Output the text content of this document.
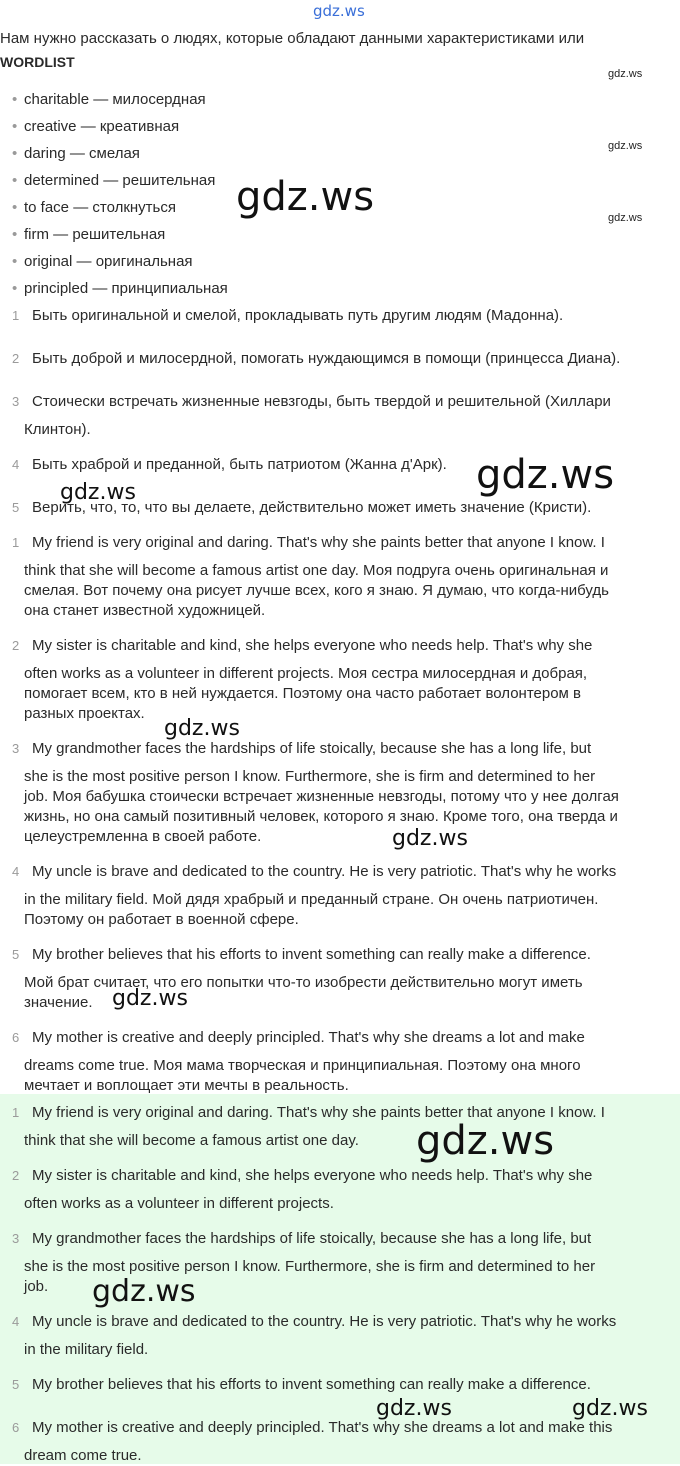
gdz.ws
Нам нужно рассказать о людях, которые обладают данными характеристиками или
WORDLIST
• charitable — милосердная
• creative — креативная
• daring — смелая
• determined — решительная
• to face — столкнуться
• firm — решительная
• original — оригинальная
• principled — принципиальная
1 Быть оригинальной и смелой, прокладывать путь другим людям (Мадонна).
2 Быть доброй и милосердной, помогать нуждающимся в помощи (принцесса Диана).
3 Стоически встречать жизненные невзгоды, быть твердой и решительной (Хиллари
Клинтон).
4 Быть храброй и преданной, быть патриотом (Жанна д'Арк).
5 Верить, что, то, что вы делаете, действительно может иметь значение (Кристи).
1 My friend is very original and daring. That's why she paints better that anyone I know. I
think that she will become a famous artist one day. Моя подруга очень оригинальная и
смелая. Вот почему она рисует лучше всех, кого я знаю. Я думаю, что когда-нибудь
она станет известной художницей.
2 My sister is charitable and kind, she helps everyone who needs help. That's why she
often works as a volunteer in different projects. Моя сестра милосердная и добрая,
помогает всем, кто в ней нуждается. Поэтому она часто работает волонтером в
разных проектах.
3 My grandmother faces the hardships of life stoically, because she has a long life, but
she is the most positive person I know. Furthermore, she is firm and determined to her
job. Моя бабушка стоически встречает жизненные невзгоды, потому что у нее долгая
жизнь, но она самый позитивный человек, которого я знаю. Кроме того, она тверда и
целеустремленна в своей работе.
4 My uncle is brave and dedicated to the country. He is very patriotic. That's why he works
in the military field. Мой дядя храбрый и преданный стране. Он очень патриотичен.
Поэтому он работает в военной сфере.
5 My brother believes that his efforts to invent something can really make a difference.
Мой брат считает, что его попытки что-то изобрести действительно могут иметь
значение.
6 My mother is creative and deeply principled. That's why she dreams a lot and make
dreams come true. Моя мама творческая и принципиальная. Поэтому она много
мечтает и воплощает эти мечты в реальность.
1 My friend is very original and daring. That's why she paints better that anyone I know. I
think that she will become a famous artist one day.
2 My sister is charitable and kind, she helps everyone who needs help. That's why she
often works as a volunteer in different projects.
3 My grandmother faces the hardships of life stoically, because she has a long life, but
she is the most positive person I know. Furthermore, she is firm and determined to her
job.
4 My uncle is brave and dedicated to the country. He is very patriotic. That's why he works
in the military field.
5 My brother believes that his efforts to invent something can really make a difference.
6 My mother is creative and deeply principled. That's why she dreams a lot and make this
dream come true.
gdz.ws
gdz.ws
gdz.ws
gdz.ws
gdz.ws
gdz.ws
gdz.ws
gdz.ws
gdz.ws
gdz.ws
gdz.ws
gdz.ws	gdz.ws
